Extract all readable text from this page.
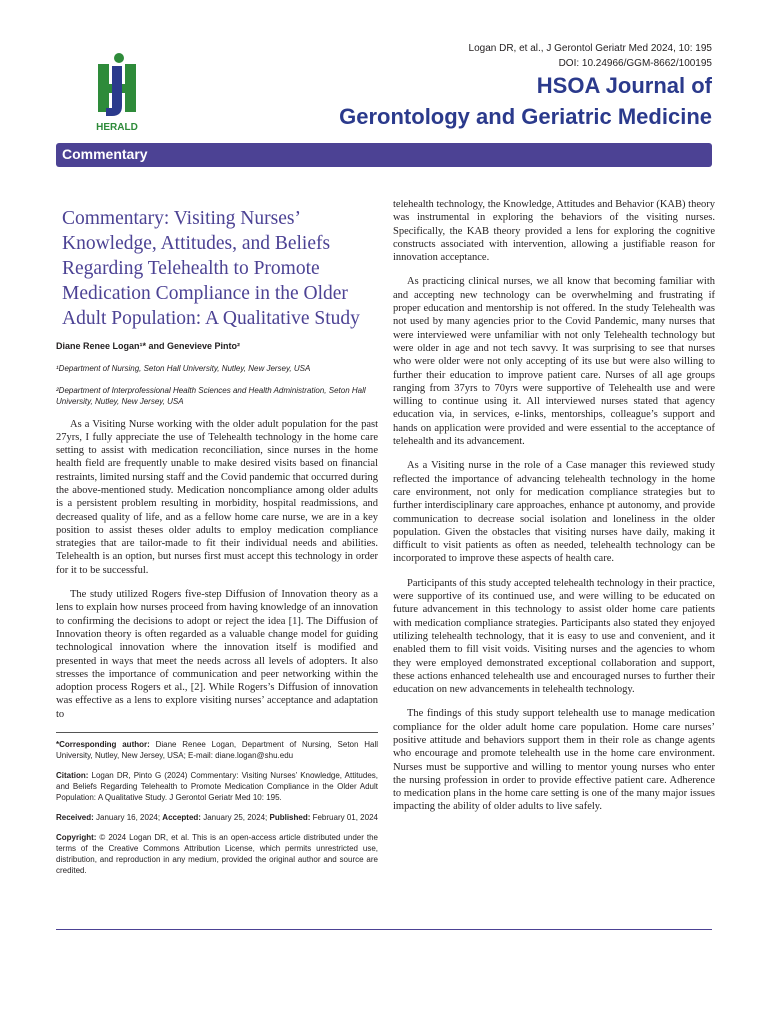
Logan DR, et al., J Gerontol Geriatr Med 2024, 10: 195
DOI: 10.24966/GGM-8662/100195
HERALD
HSOA Journal of
Gerontology and Geriatric Medicine
Commentary
Commentary: Visiting Nurses’ Knowledge, Attitudes, and Beliefs Regarding Telehealth to Promote Medication Compliance in the Older Adult Population: A Qualitative Study
Diane Renee Logan¹* and Genevieve Pinto²
¹Department of Nursing, Seton Hall University, Nutley, New Jersey, USA
²Department of Interprofessional Health Sciences and Health Administration, Seton Hall University, Nutley, New Jersey, USA

As a Visiting Nurse working with the older adult population for the past 27yrs, I fully appreciate the use of Telehealth technology in the home care setting to assist with medication reconciliation, since nurses in the home health field are frequently unable to make desired visits based on financial restraints, limited nursing staff and the Covid pandemic that occurred during the above-mentioned study. Medication noncompliance among older adults is a persistent problem resulting in morbidity, hospital readmissions, and decreased quality of life, and as a fellow home care nurse, we are in a key position to assist theses older adults to employ medication compliance strategies that are tailor-made to fit their individual needs and abilities. Telehealth is an option, but nurses first must accept this technology in order for it to be successful.

The study utilized Rogers five-step Diffusion of Innovation theory as a lens to explain how nurses proceed from having knowledge of an innovation to confirming the decisions to adopt or reject the idea [1]. The Diffusion of Innovation theory is often regarded as a valuable change model for guiding technological innovation where the innovation itself is modified and presented in ways that meet the needs across all levels of adopters. It also stresses the importance of communication and peer networking within the adoption process Rogers et al., [2]. While Rogers’s Diffusion of innovation was effective as a lens to explore visiting nurses’ acceptance and adaptation to

*Corresponding author: Diane Renee Logan, Department of Nursing, Seton Hall University, Nutley, New Jersey, USA; E-mail: diane.logan@shu.edu
Citation: Logan DR, Pinto G (2024) Commentary: Visiting Nurses’ Knowledge, Attitudes, and Beliefs Regarding Telehealth to Promote Medication Compliance in the Older Adult Population: A Qualitative Study. J Gerontol Geriatr Med 10: 195.
Received: January 16, 2024; Accepted: January 25, 2024; Published: February 01, 2024
Copyright: © 2024 Logan DR, et al. This is an open-access article distributed under the terms of the Creative Commons Attribution License, which permits unrestricted use, distribution, and reproduction in any medium, provided the original author and source are credited.

telehealth technology, the Knowledge, Attitudes and Behavior (KAB) theory was instrumental in exploring the behaviors of the visiting nurses. Specifically, the KAB theory provided a lens for exploring the cognitive constructs associated with intervention, allowing a justifiable reason for innovation acceptance.

As practicing clinical nurses, we all know that becoming familiar with and accepting new technology can be overwhelming and frustrating if proper education and mentorship is not offered. In the study Telehealth was not used by many agencies prior to the Covid Pandemic, many nurses that were interviewed were unfamiliar with not only Telehealth technology but were older in age and not tech savvy. It was surprising to see that nurses who were older were not only accepting of its use but were also willing to further their education to improve patient care. Nurses of all age groups ranging from 37yrs to 70yrs were supportive of Telehealth use and were willing to continue using it. All interviewed nurses stated that agency education via, in services, e-links, mentorships, colleague’s support and hands on application were provided and were essential to the acceptance of telehealth and its advancement.

As a Visiting nurse in the role of a Case manager this reviewed study reflected the importance of advancing telehealth technology in the home care environment, not only for medication compliance strategies but to further interdisciplinary care approaches, enhance pt autonomy, and provide communication to decrease social isolation and loneliness in the older population. Given the obstacles that visiting nurses have daily, making it difficult to visit patients as often as needed, telehealth technology can be incorporated to improve these aspects of health care.

Participants of this study accepted telehealth technology in their practice, were supportive of its continued use, and were willing to be educated on future advancement in this technology to assist older home care patients with medication compliance strategies. Participants also stated they enjoyed utilizing telehealth technology, that it is easy to use and convenient, and it enabled them to fill visit voids. Visiting nurses and the agencies to whom they were employed demonstrated exceptional collaboration and support, these actions enhanced telehealth use and encouraged nurses to further their education on new advancements in telehealth technology.

The findings of this study support telehealth use to manage medication compliance for the older adult home care population. Home care nurses’ positive attitude and behaviors support them in their role as change agents who encourage and promote telehealth use in the home care environment. Nurses must be supportive and willing to mentor young nurses who enter the nursing profession in order to provide effective patient care. Adherence to medication plans in the home care setting is one of the many major issues impacting the ability of older adults to live safely.
